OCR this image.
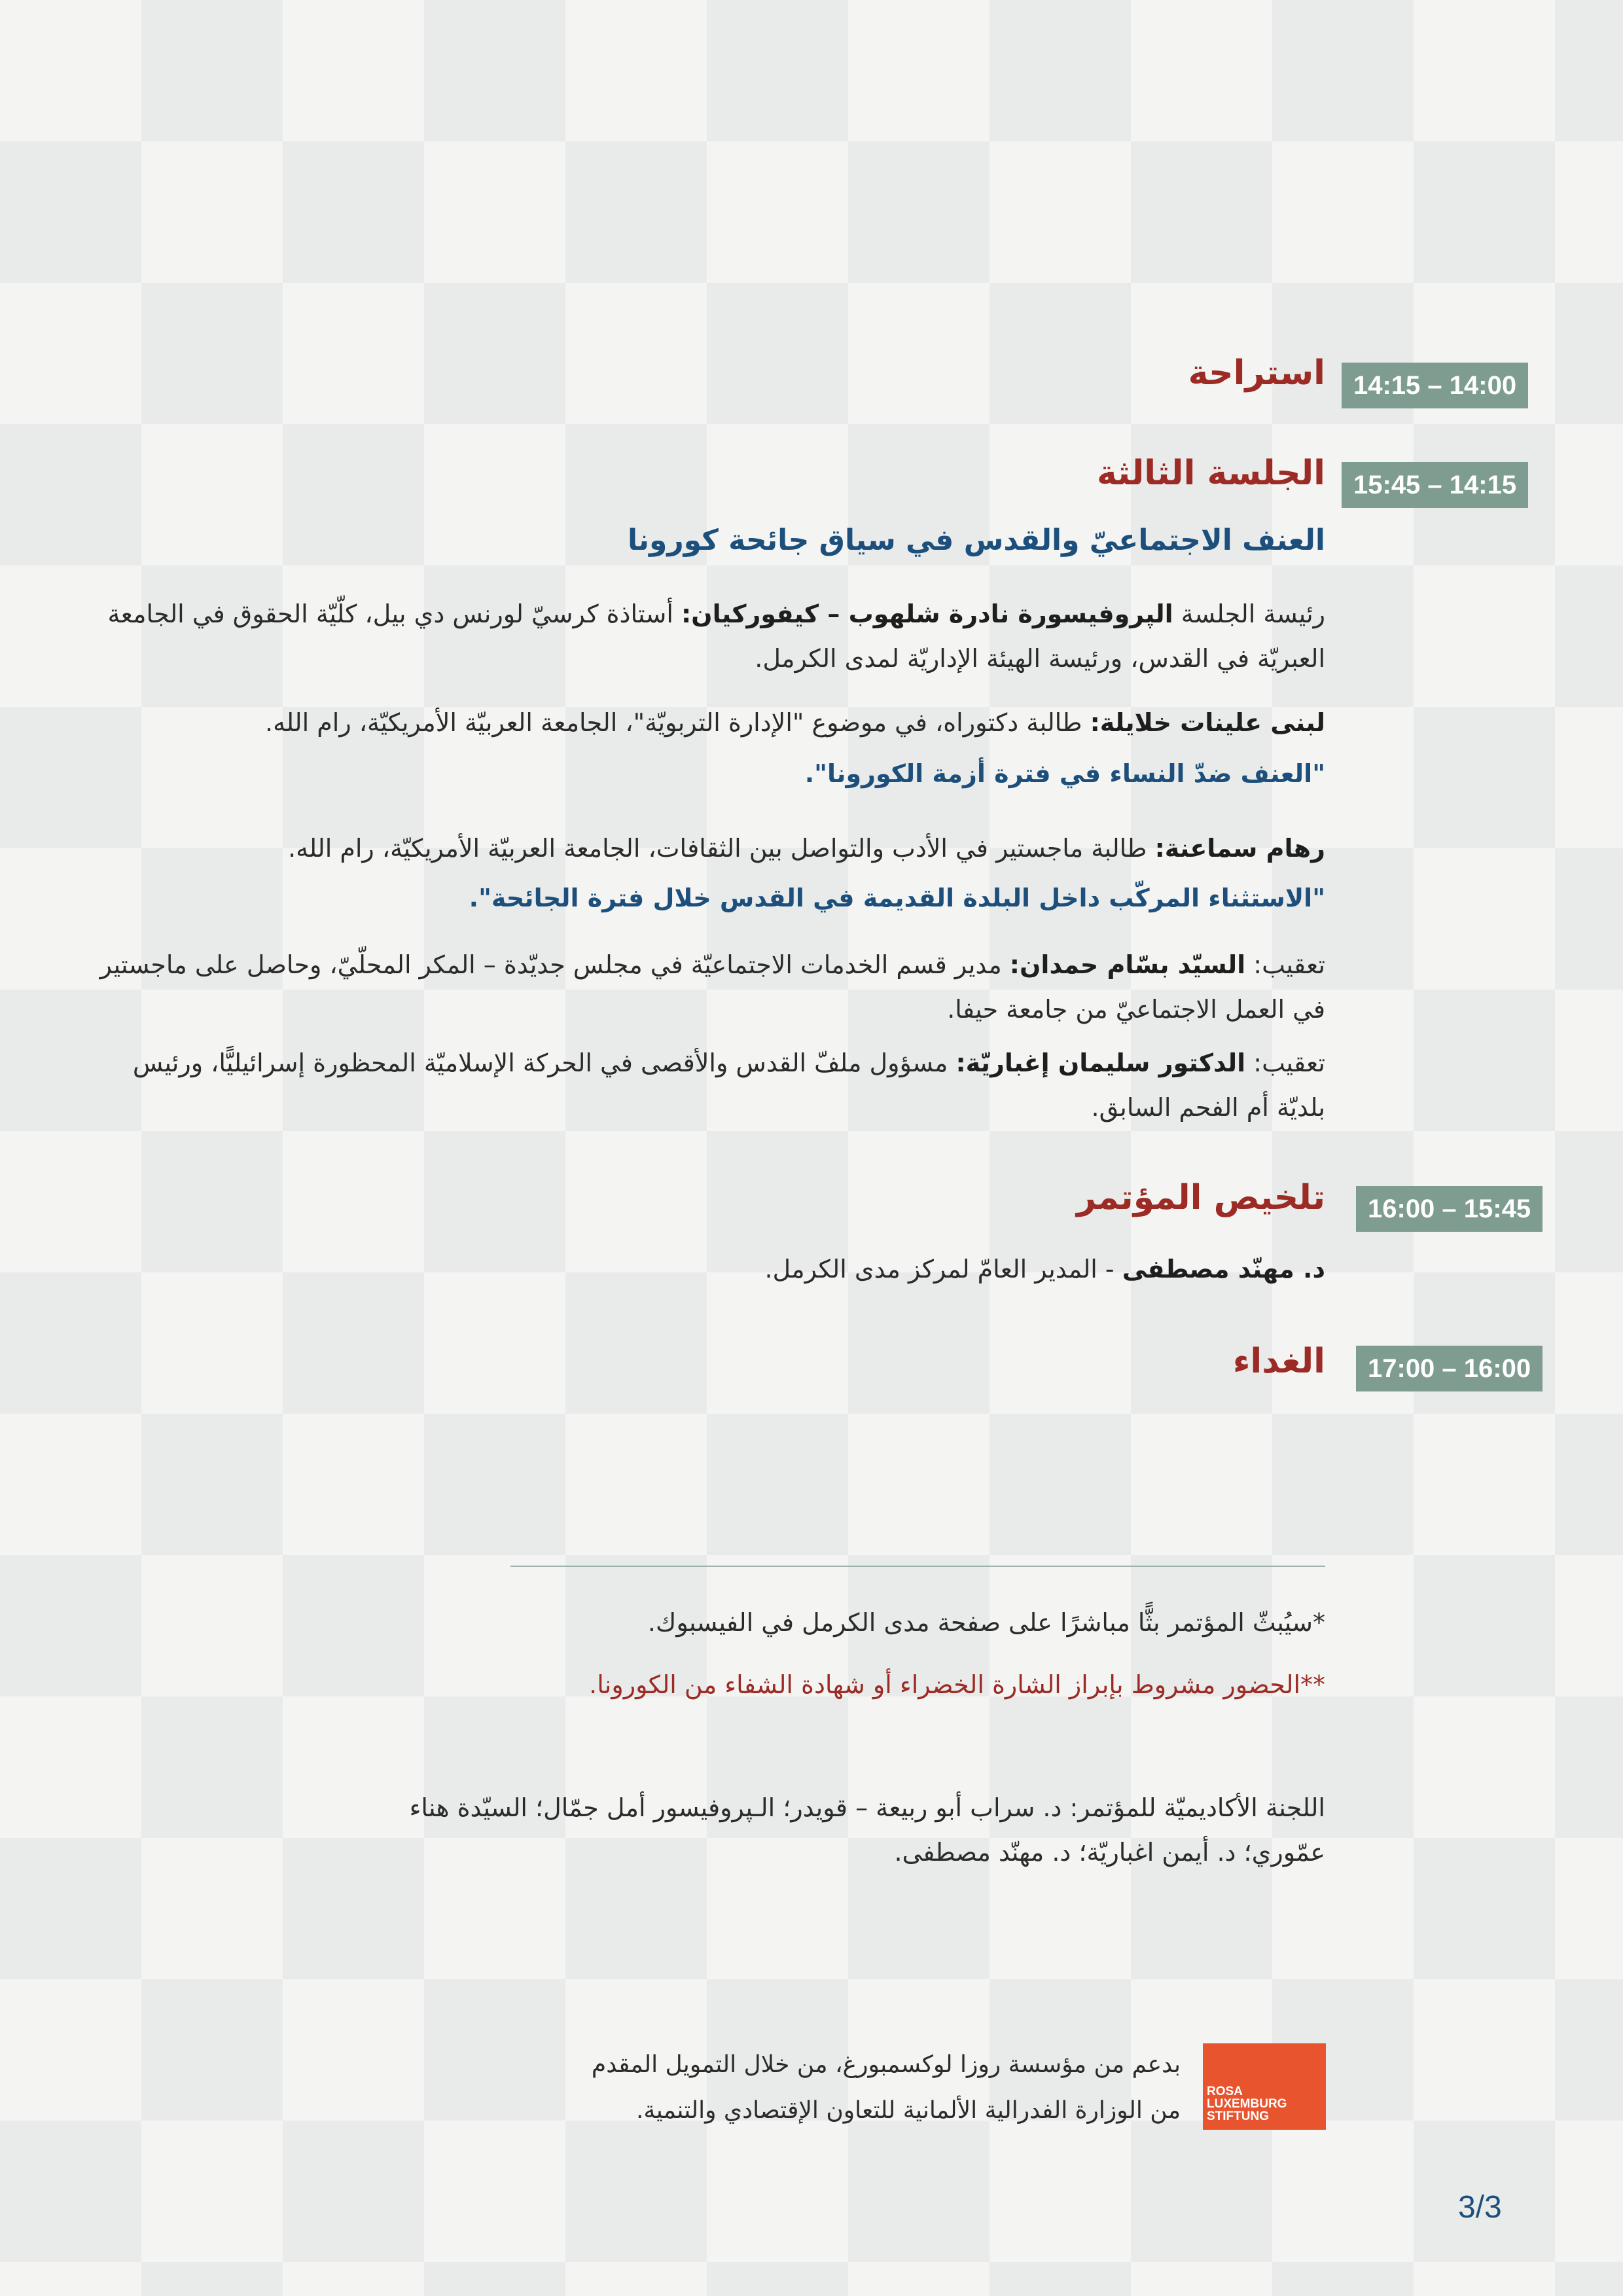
14:15 – 14:00
استراحة
15:45 – 14:15
الجلسة الثالثة
العنف الاجتماعيّ والقدس في سياق جائحة كورونا
رئيسة الجلسة الپروفيسورة نادرة شلهوب – كيفوركيان: أستاذة كرسيّ لورنس دي بيل، كلّيّة الحقوق في الجامعة العبريّة في القدس، ورئيسة الهيئة الإداريّة لمدى الكرمل.
لبنى علينات خلايلة: طالبة دكتوراه، في موضوع "الإدارة التربويّة"، الجامعة العربيّة الأمريكيّة، رام الله.
"العنف ضدّ النساء في فترة أزمة الكورونا".
رهام سماعنة: طالبة ماجستير في الأدب والتواصل بين الثقافات، الجامعة العربيّة الأمريكيّة، رام الله.
"الاستثناء المركّب داخل البلدة القديمة في القدس خلال فترة الجائحة".
تعقيب: السيّد بسّام حمدان: مدير قسم الخدمات الاجتماعيّة في مجلس جديّدة – المكر المحلّيّ، وحاصل على ماجستير في العمل الاجتماعيّ من جامعة حيفا.
تعقيب: الدكتور سليمان إغباريّة: مسؤول ملفّ القدس والأقصى في الحركة الإسلاميّة المحظورة إسرائيليًّا، ورئيس بلديّة أم الفحم السابق.
16:00 – 15:45
تلخيص المؤتمر
د. مهنّد مصطفى - المدير العامّ لمركز مدى الكرمل.
17:00 – 16:00
الغداء
*سيُبثّ المؤتمر بثًّا مباشرًا على صفحة مدى الكرمل في الفيسبوك.
**الحضور مشروط بإبراز الشارة الخضراء أو شهادة الشفاء من الكورونا.
اللجنة الأكاديميّة للمؤتمر: د. سراب أبو ربيعة – قويدر؛ الـپروفيسور أمل جمّال؛ السيّدة هناء عمّوري؛ د. أيمن اغباريّة؛ د. مهنّد مصطفى.
بدعم من مؤسسة روزا لوكسمبورغ، من خلال التمويل المقدم
من الوزارة الفدرالية الألمانية للتعاون الإقتصادي والتنمية.
ROSA
LUXEMBURG
STIFTUNG
3/3
